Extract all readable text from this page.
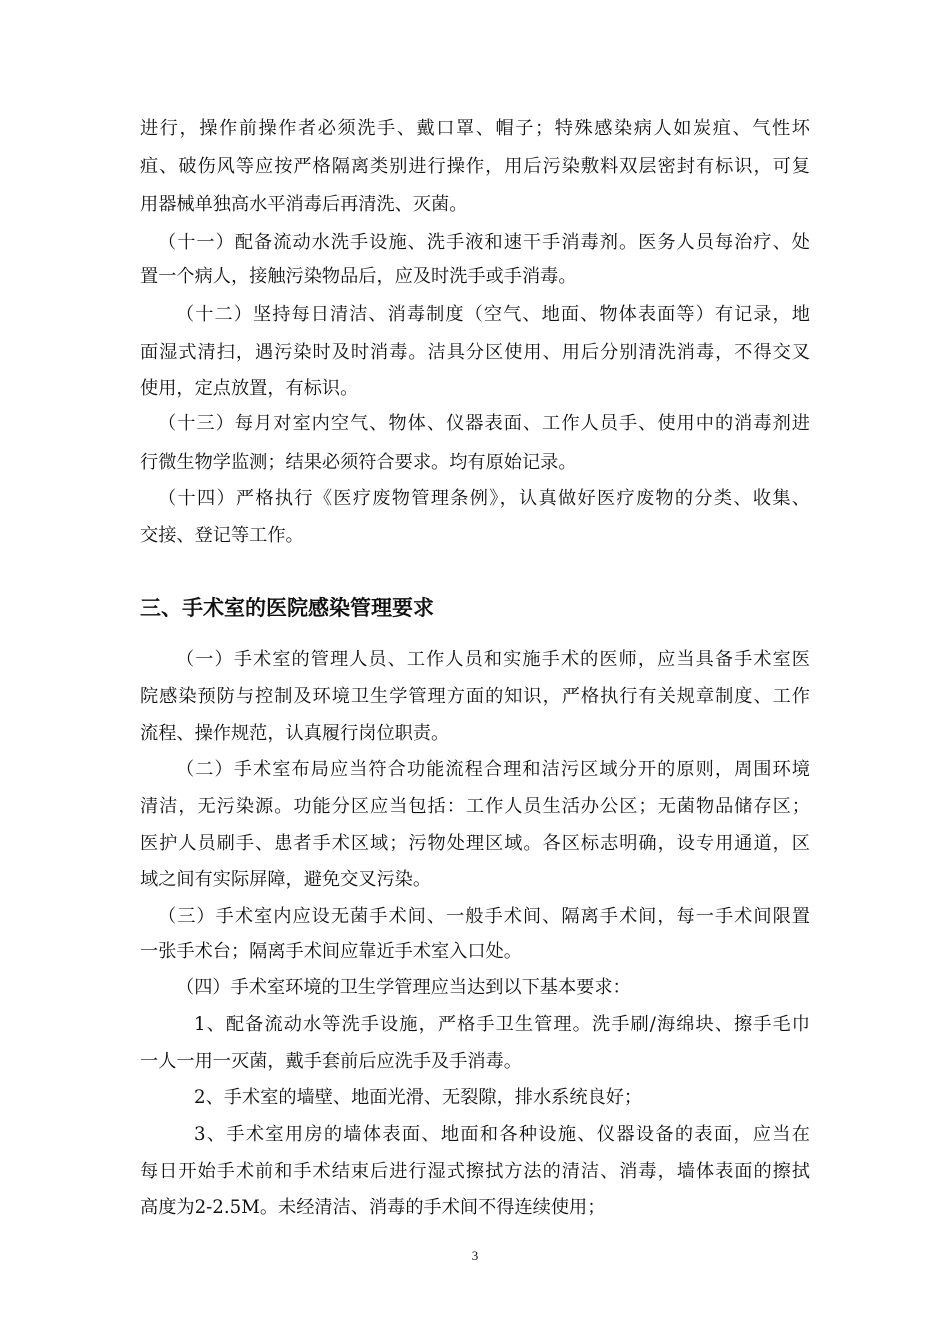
进行，操作前操作者必须洗手、戴口罩、帽子；特殊感染病人如炭疽、气性坏
疽、破伤风等应按严格隔离类别进行操作，用后污染敷料双层密封有标识，可复
用器械单独高水平消毒后再清洗、灭菌。
（十一）配备流动水洗手设施、洗手液和速干手消毒剂。医务人员每治疗、处
置一个病人，接触污染物品后，应及时洗手或手消毒。
（十二）坚持每日清洁、消毒制度（空气、地面、物体表面等）有记录，地
面湿式清扫，遇污染时及时消毒。洁具分区使用、用后分别清洗消毒，不得交叉
使用，定点放置，有标识。
（十三）每月对室内空气、物体、仪器表面、工作人员手、使用中的消毒剂进
行微生物学监测；结果必须符合要求。均有原始记录。
（十四）严格执行《医疗废物管理条例》，认真做好医疗废物的分类、收集、
交接、登记等工作。
三、手术室的医院感染管理要求
（一）手术室的管理人员、工作人员和实施手术的医师，应当具备手术室医
院感染预防与控制及环境卫生学管理方面的知识，严格执行有关规章制度、工作
流程、操作规范，认真履行岗位职责。
（二）手术室布局应当符合功能流程合理和洁污区域分开的原则，周围环境
清洁，无污染源。功能分区应当包括：工作人员生活办公区；无菌物品储存区；
医护人员刷手、患者手术区域；污物处理区域。各区标志明确，设专用通道，区
域之间有实际屏障，避免交叉污染。
（三）手术室内应设无菌手术间、一般手术间、隔离手术间，每一手术间限置
一张手术台；隔离手术间应靠近手术室入口处。
（四）手术室环境的卫生学管理应当达到以下基本要求：
1、配备流动水等洗手设施，严格手卫生管理。洗手刷/海绵块、擦手毛巾
一人一用一灭菌，戴手套前后应洗手及手消毒。
2、手术室的墙壁、地面光滑、无裂隙，排水系统良好；
3、手术室用房的墙体表面、地面和各种设施、仪器设备的表面，应当在
每日开始手术前和手术结束后进行湿式擦拭方法的清洁、消毒，墙体表面的擦拭
高度为2-2.5M。未经清洁、消毒的手术间不得连续使用；
3
